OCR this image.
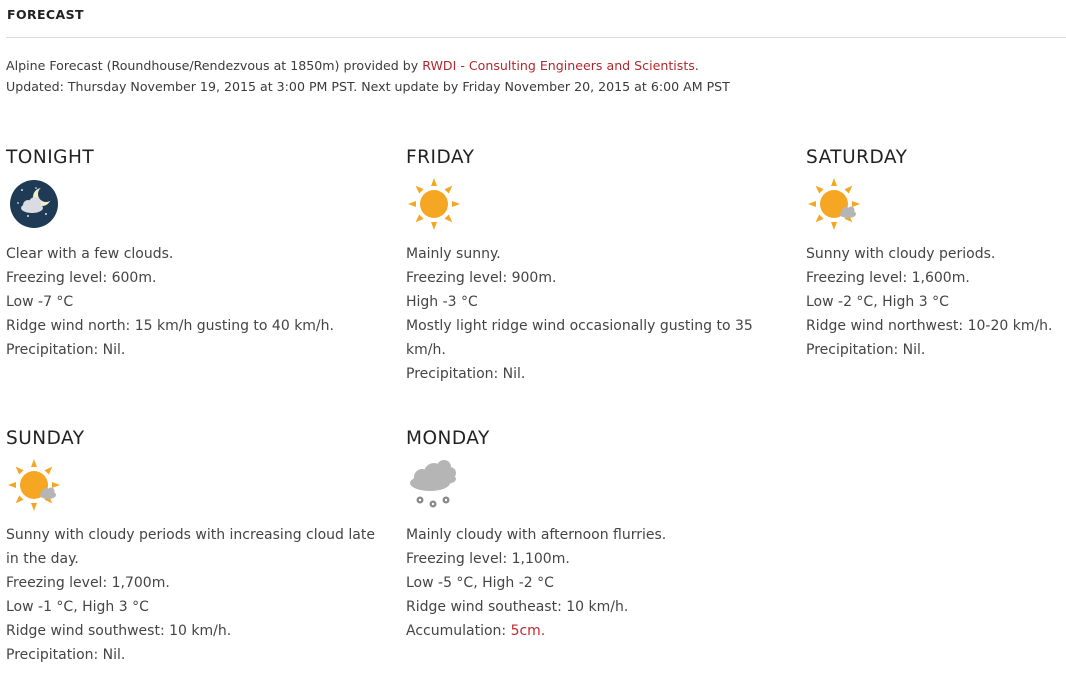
FORECAST
Alpine Forecast (Roundhouse/Rendezvous at 1850m) provided by RWDI - Consulting Engineers and Scientists.
Updated: Thursday November 19, 2015 at 3:00 PM PST. Next update by Friday November 20, 2015 at 6:00 AM PST
TONIGHT
Clear with a few clouds.
Freezing level: 600m.
Low -7 °C
Ridge wind north: 15 km/h gusting to 40 km/h.
Precipitation: Nil.
FRIDAY
Mainly sunny.
Freezing level: 900m.
High -3 °C
Mostly light ridge wind occasionally gusting to 35 km/h.
Precipitation: Nil.
SATURDAY
Sunny with cloudy periods.
Freezing level: 1,600m.
Low -2 °C, High 3 °C
Ridge wind northwest: 10-20 km/h.
Precipitation: Nil.
SUNDAY
Sunny with cloudy periods with increasing cloud late in the day.
Freezing level: 1,700m.
Low -1 °C, High 3 °C
Ridge wind southwest: 10 km/h.
Precipitation: Nil.
MONDAY
Mainly cloudy with afternoon flurries.
Freezing level: 1,100m.
Low -5 °C, High -2 °C
Ridge wind southeast: 10 km/h.
Accumulation: 5cm.
